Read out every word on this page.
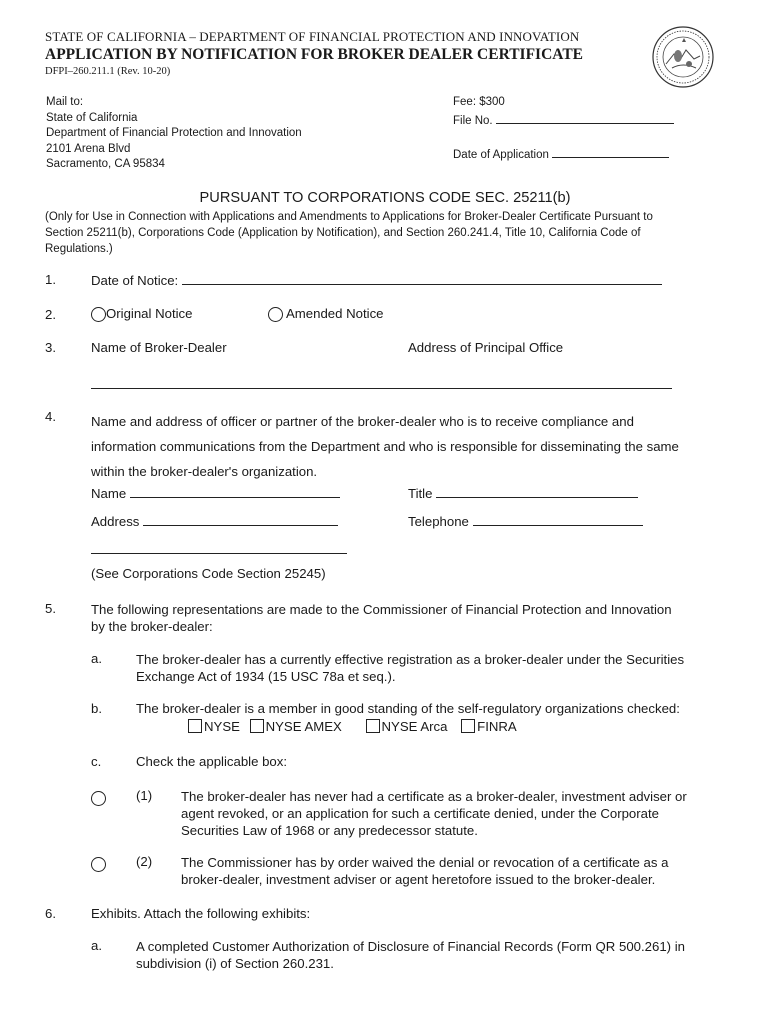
STATE OF CALIFORNIA – DEPARTMENT OF FINANCIAL PROTECTION AND INNOVATION
APPLICATION BY NOTIFICATION FOR BROKER DEALER CERTIFICATE
DFPI–260.211.1 (Rev. 10-20)
Mail to:
State of California
Department of Financial Protection and Innovation
2101 Arena Blvd
Sacramento, CA 95834
Fee: $300
File No.
Date of Application
PURSUANT TO CORPORATIONS CODE SEC. 25211(b)
(Only for Use in Connection with Applications and Amendments to Applications for Broker-Dealer Certificate Pursuant to
Section 25211(b), Corporations Code (Application by Notification), and Section 260.241.4, Title 10, California Code of
Regulations.)
1.	Date of Notice:
2.	Original Notice	Amended Notice
3.	Name of Broker-Dealer	Address of Principal Office
4.	Name and address of officer or partner of the broker-dealer who is to receive compliance and
information communications from the Department and who is responsible for disseminating the same
within the broker-dealer's organization.
Name	Title
Address	Telephone
(See Corporations Code Section 25245)
5.	The following representations are made to the Commissioner of Financial Protection and Innovation
by the broker-dealer:
a.	The broker-dealer has a currently effective registration as a broker-dealer under the Securities
Exchange Act of 1934 (15 USC 78a et seq.).
b.	The broker-dealer is a member in good standing of the self-regulatory organizations checked:
NYSE NYSE AMEX	NYSE Arca FINRA
c.	Check the applicable box:
(1) The broker-dealer has never had a certificate as a broker-dealer, investment adviser or
agent revoked, or an application for such a certificate denied, under the Corporate
Securities Law of 1968 or any predecessor statute.
(2) The Commissioner has by order waived the denial or revocation of a certificate as a
broker-dealer, investment adviser or agent heretofore issued to the broker-dealer.
6.	Exhibits. Attach the following exhibits:
a.	A completed Customer Authorization of Disclosure of Financial Records (Form QR 500.261) in
subdivision (i) of Section 260.231.
